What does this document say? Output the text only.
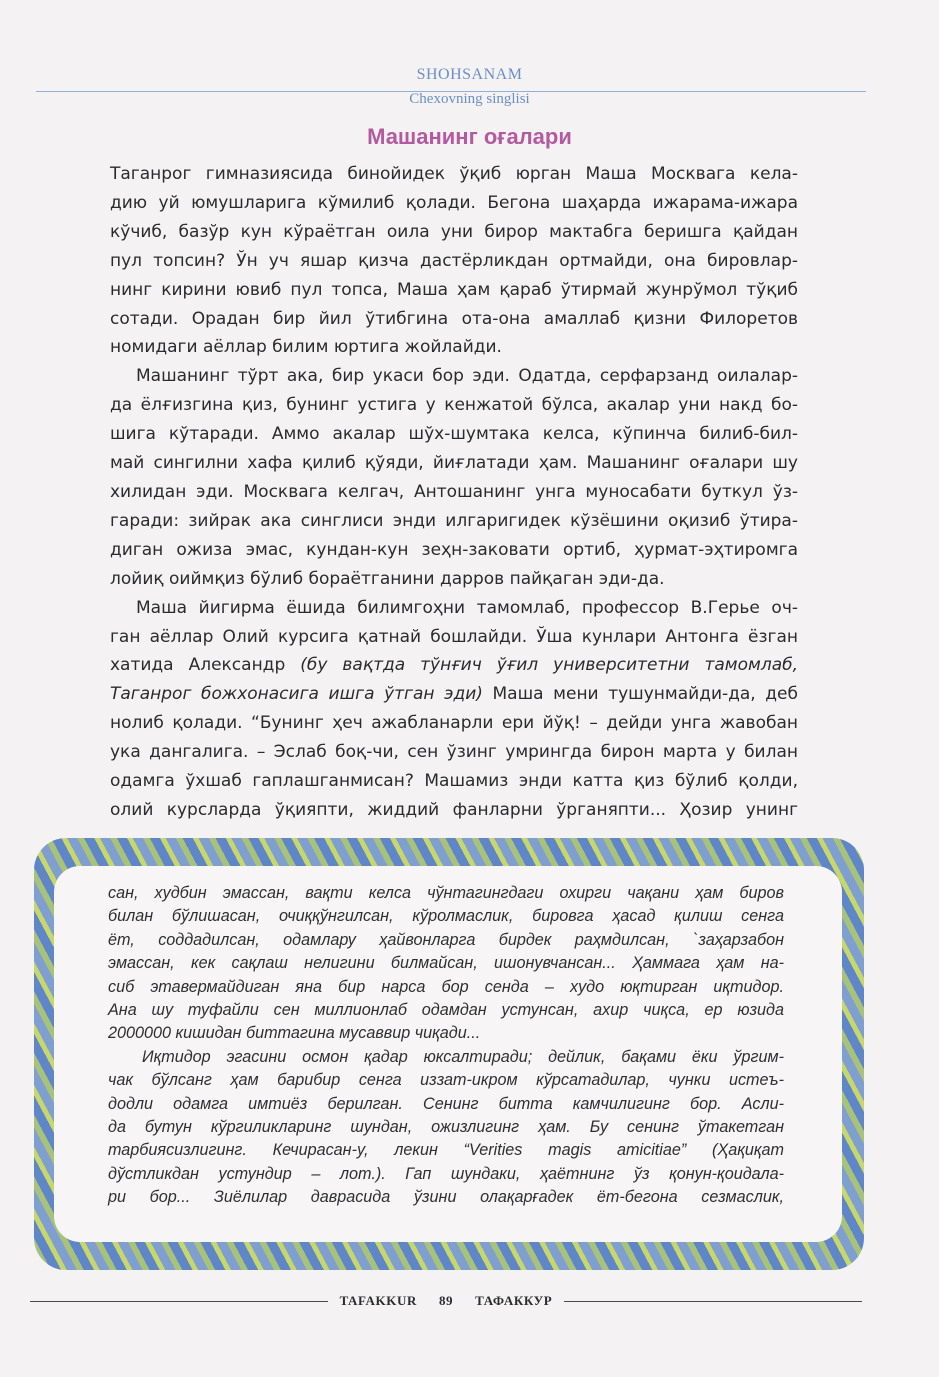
SHOHSANAM
Chexovning singlisi
Машанинг оғалари
Таганрог гимназиясида бинойидек ўқиб юрган Маша Москвага кела-
дию уй юмушларига кўмилиб қолади. Бегона шаҳарда ижарама-ижара
кўчиб, базўр кун кўраётган оила уни бирор мактабга беришга қайдан
пул топсин? Ўн уч яшар қизча дастёрликдан ортмайди, она бировлар-
нинг кирини ювиб пул топса, Маша ҳам қараб ўтирмай жунрўмол тўқиб
сотади. Орадан бир йил ўтибгина ота-она амаллаб қизни Филоретов
номидаги аёллар билим юртига жойлайди.
Машанинг тўрт ака, бир укаси бор эди. Одатда, серфарзанд оилалар-
да ёлғизгина қиз, бунинг устига у кенжатой бўлса, акалар уни накд бо-
шига кўтаради. Аммо акалар шўх-шумтака келса, кўпинча билиб-бил-
май сингилни хафа қилиб қўяди, йиғлатади ҳам. Машанинг оғалари шу
хилидан эди. Москвага келгач, Антошанинг унга муносабати буткул ўз-
гаради: зийрак ака синглиси энди илгаригидек кўзёшини оқизиб ўтира-
диган ожиза эмас, кундан-кун зеҳн-заковати ортиб, ҳурмат-эҳтиромга
лойиқ оиймқиз бўлиб бораётганини дарров пайқаган эди-да.
Маша йигирма ёшида билимгоҳни тамомлаб, профессор В.Герье оч-
ган аёллар Олий курсига қатнай бошлайди. Ўша кунлари Антонга ёзган
хатида Александр (бу вақтда тўнғич ўғил университетни тамомлаб,
Таганрог божхонасига ишга ўтган эди) Маша мени тушунмайди-да, деб
нолиб қолади. “Бунинг ҳеч ажабланарли ери йўқ! – дейди унга жавобан
ука дангалига. – Эслаб боқ-чи, сен ўзинг умрингда бирон марта у билан
одамга ўхшаб гаплашганмисан? Машамиз энди катта қиз бўлиб қолди,
олий курсларда ўқияпти, жиддий фанларни ўрганяпти... Ҳозир унинг
сан, худбин эмассан, вақти келса чўнтагингдаги охирги чақани ҳам биров
билан бўлишасан, очиққўнгилсан, кўролмаслик, бировга ҳасад қилиш сенга
ёт, соддадилсан, одамлару ҳайвонларга бирдек раҳмдилсан, `заҳарзабон
эмассан, кек сақлаш нелигини билмайсан, ишонувчансан... Ҳаммага ҳам на-
сиб этавермайдиган яна бир нарса бор сенда – худо юқтирган иқтидор.
Ана шу туфайли сен миллионлаб одамдан устунсан, ахир чиқса, ер юзида
2000000 кишидан биттагина мусаввир чиқади...
Иқтидор эгасини осмон қадар юксалтиради; дейлик, бақами ёки ўргим-
чак бўлсанг ҳам барибир сенга иззат-икром кўрсатадилар, чунки истеъ-
додли одамга имтиёз берилган. Сенинг битта камчилигинг бор. Асли-
да бутун кўргиликларинг шундан, ожизлигинг ҳам. Бу сенинг ўтакетган
тарбиясизлигинг. Кечирасан-у, лекин “Verities magis amicitiae” (Ҳақиқат
дўстликдан устундир – лот.). Гап шундаки, ҳаётнинг ўз қонун-қоидала-
ри бор... Зиёлилар даврасида ўзини олақарғадек ёт-бегона сезмаслик,
TAFAKKUR 89 ТАФАККУР
